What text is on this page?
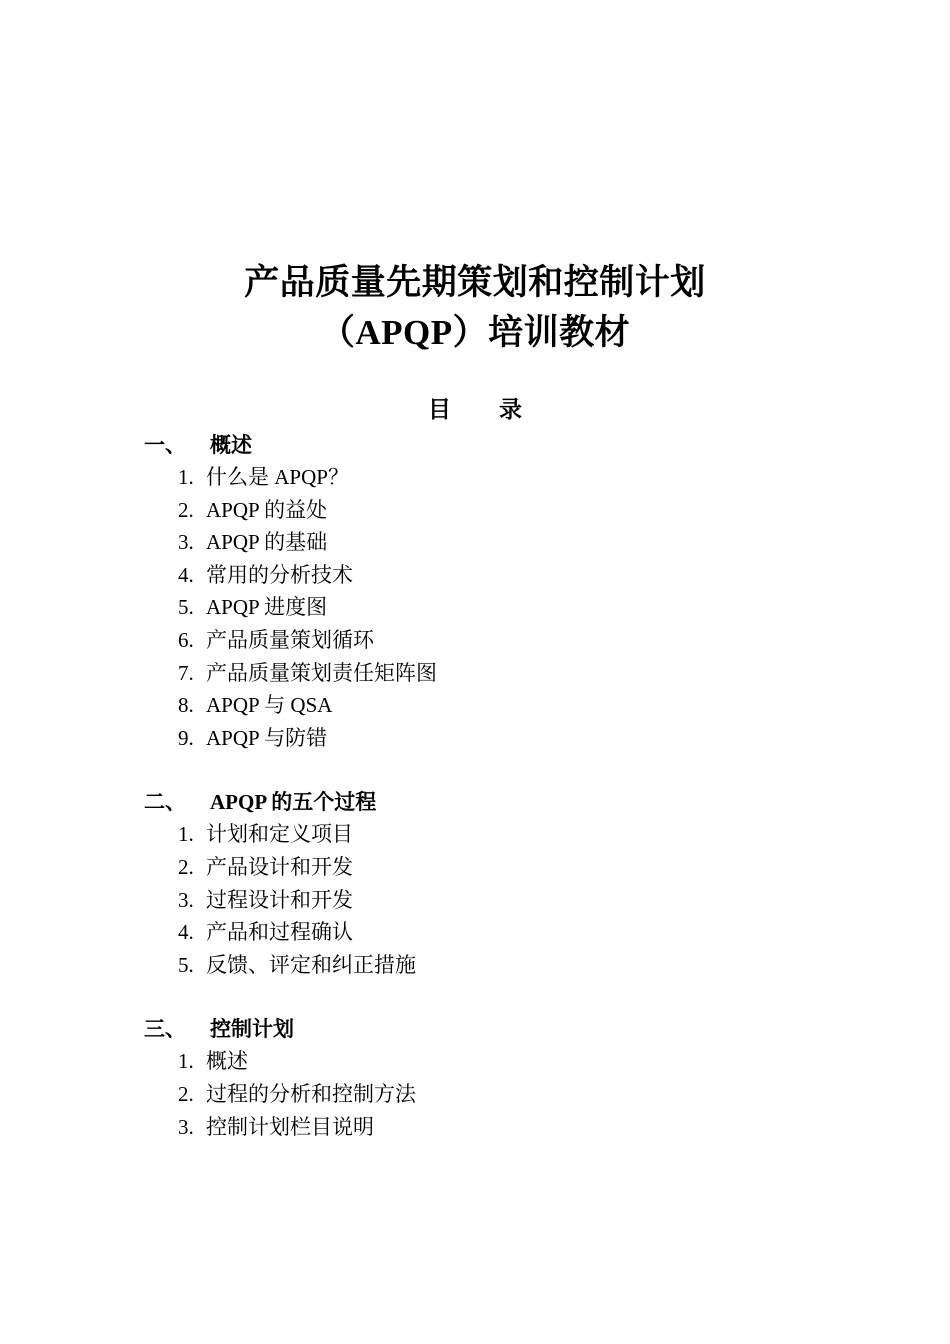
产品质量先期策划和控制计划
（APQP）培训教材
目 录
一、	概述
1. 什么是 APQP？
2. APQP 的益处
3. APQP 的基础
4. 常用的分析技术
5. APQP 进度图
6. 产品质量策划循环
7. 产品质量策划责任矩阵图
8. APQP 与 QSA
9. APQP 与防错
二、	APQP 的五个过程
1. 计划和定义项目
2. 产品设计和开发
3. 过程设计和开发
4. 产品和过程确认
5. 反馈、评定和纠正措施
三、	控制计划
1. 概述
2. 过程的分析和控制方法
3. 控制计划栏目说明
